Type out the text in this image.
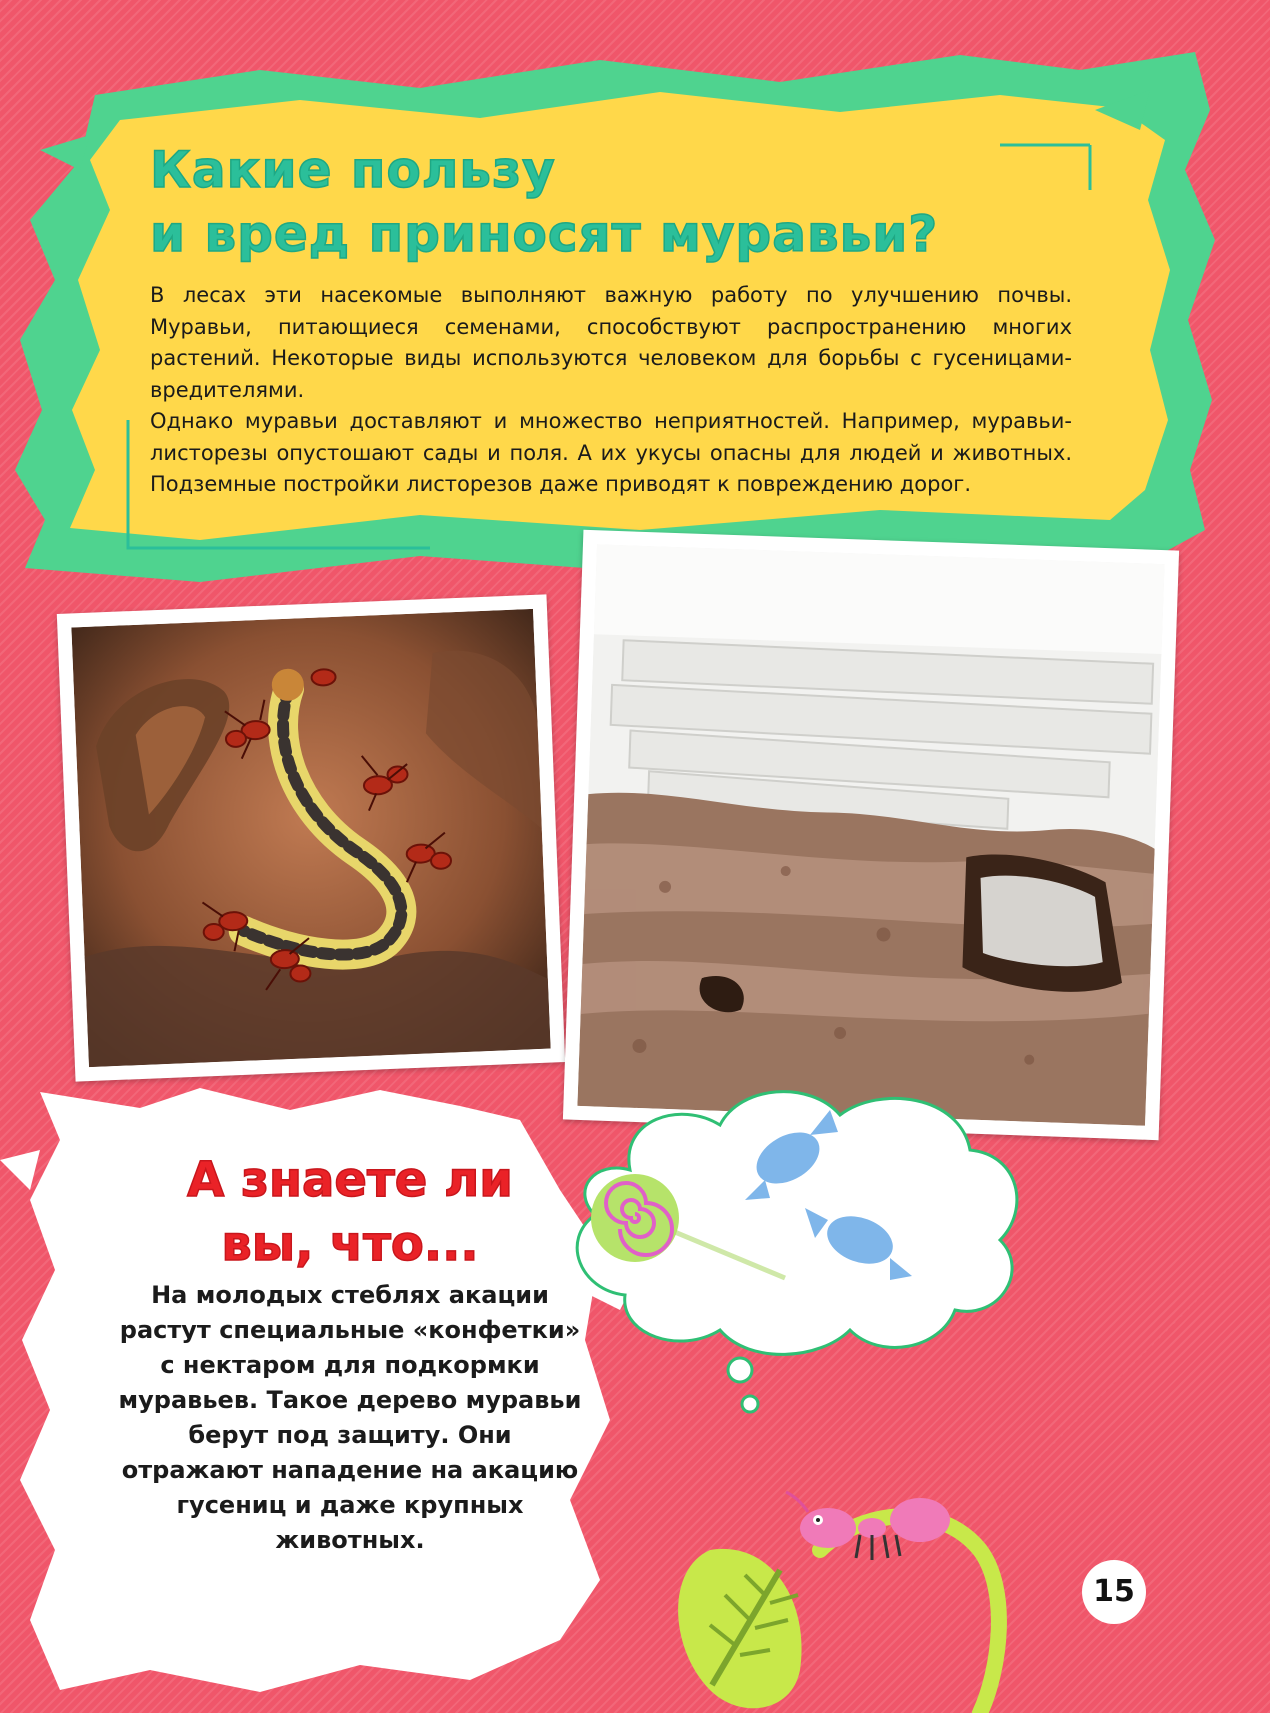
Какие пользу
и вред приносят муравьи?

В лесах эти насекомые выполняют важную работу по улучшению почвы. Муравьи, питающиеся семенами, способствуют распространению многих растений. Некоторые виды используются человеком для борьбы с гусеницами-вредителями.

Однако муравьи доставляют и множество неприятностей. Например, муравьи-листорезы опустошают сады и поля. А их укусы опасны для людей и животных. Подземные постройки листорезов даже приводят к повреждению дорог.

А знаете ли
вы, что...

На молодых стеблях акации растут специальные «конфетки» с нектаром для подкормки муравьев. Такое дерево муравьи берут под защиту. Они отражают нападение на акацию гусениц и даже крупных животных.

15
